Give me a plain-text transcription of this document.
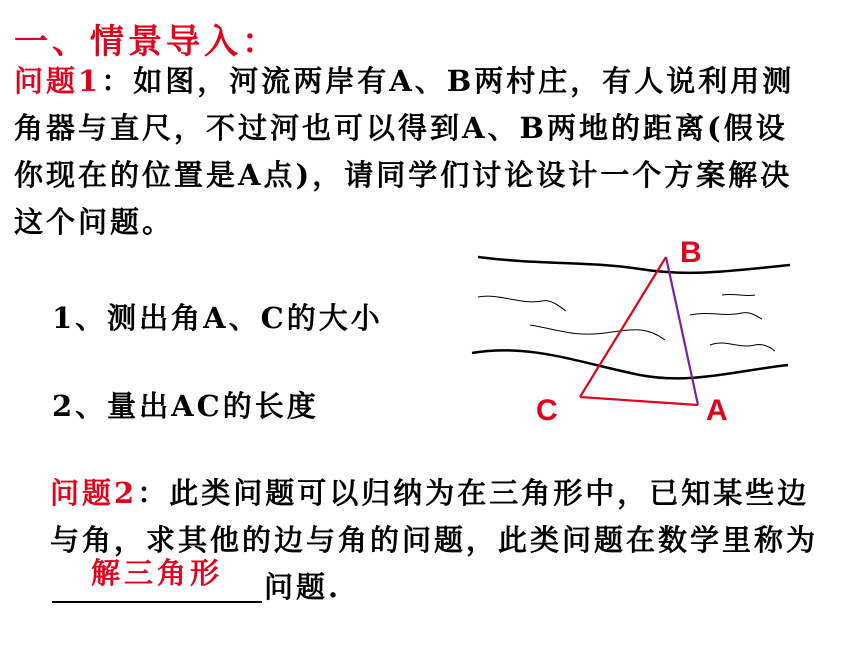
一、情景导入：
问题1：如图，河流两岸有A、B两村庄，有人说利用测角器与直尺，不过河也可以得到A、B两地的距离(假设你现在的位置是A点)，请同学们讨论设计一个方案解决这个问题。
1、测出角A、C的大小
2、量出AC的长度
B
A
C
问题2：此类问题可以归纳为在三角形中，已知某些边与角，求其他的边与角的问题，此类问题在数学里称为
解三角形	问题.
